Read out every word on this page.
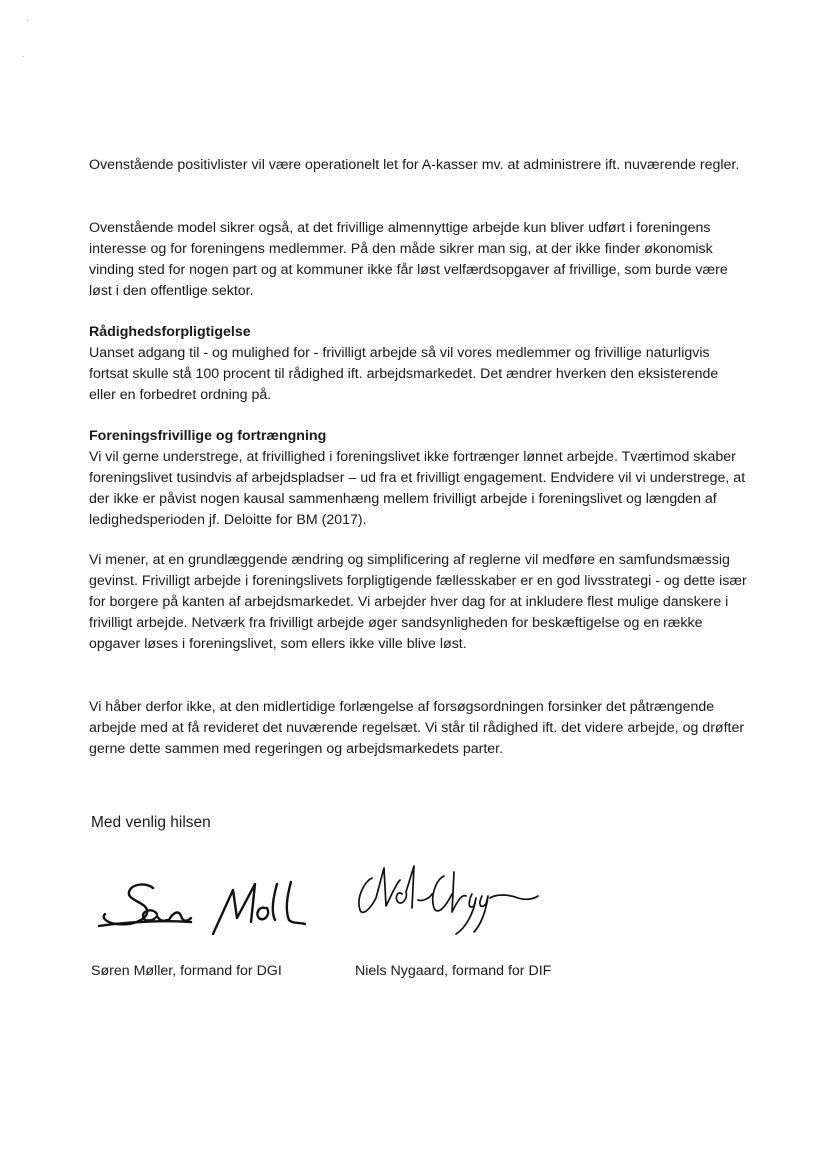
·
·

Ovenstående positivlister vil være operationelt let for A-kasser mv. at administrere ift. nuværende regler.

Ovenstående model sikrer også, at det frivillige almennyttige arbejde kun bliver udført i foreningens interesse og for foreningens medlemmer. På den måde sikrer man sig, at der ikke finder økonomisk vinding sted for nogen part og at kommuner ikke får løst velfærdsopgaver af frivillige, som burde være løst i den offentlige sektor.

Rådighedsforpligtigelse

Uanset adgang til - og mulighed for - frivilligt arbejde så vil vores medlemmer og frivillige naturligvis fortsat skulle stå 100 procent til rådighed ift. arbejdsmarkedet. Det ændrer hverken den eksisterende eller en forbedret ordning på.

Foreningsfrivillige og fortrængning

Vi vil gerne understrege, at frivillighed i foreningslivet ikke fortrænger lønnet arbejde. Tværtimod skaber foreningslivet tusindvis af arbejdspladser – ud fra et frivilligt engagement. Endvidere vil vi understrege, at der ikke er påvist nogen kausal sammenhæng mellem frivilligt arbejde i foreningslivet og længden af ledighedsperioden jf. Deloitte for BM (2017).

Vi mener, at en grundlæggende ændring og simplificering af reglerne vil medføre en samfundsmæssig gevinst. Frivilligt arbejde i foreningslivets forpligtigende fællesskaber er en god livsstrategi - og dette især for borgere på kanten af arbejdsmarkedet. Vi arbejder hver dag for at inkludere flest mulige danskere i frivilligt arbejde. Netværk fra frivilligt arbejde øger sandsynligheden for beskæftigelse og en række opgaver løses i foreningslivet, som ellers ikke ville blive løst.

Vi håber derfor ikke, at den midlertidige forlængelse af forsøgsordningen forsinker det påtrængende arbejde med at få revideret det nuværende regelsæt. Vi står til rådighed ift. det videre arbejde, og drøfter gerne dette sammen med regeringen og arbejdsmarkedets parter.

Med venlig hilsen
Søren Møller, formand for DGI	Niels Nygaard, formand for DIF
